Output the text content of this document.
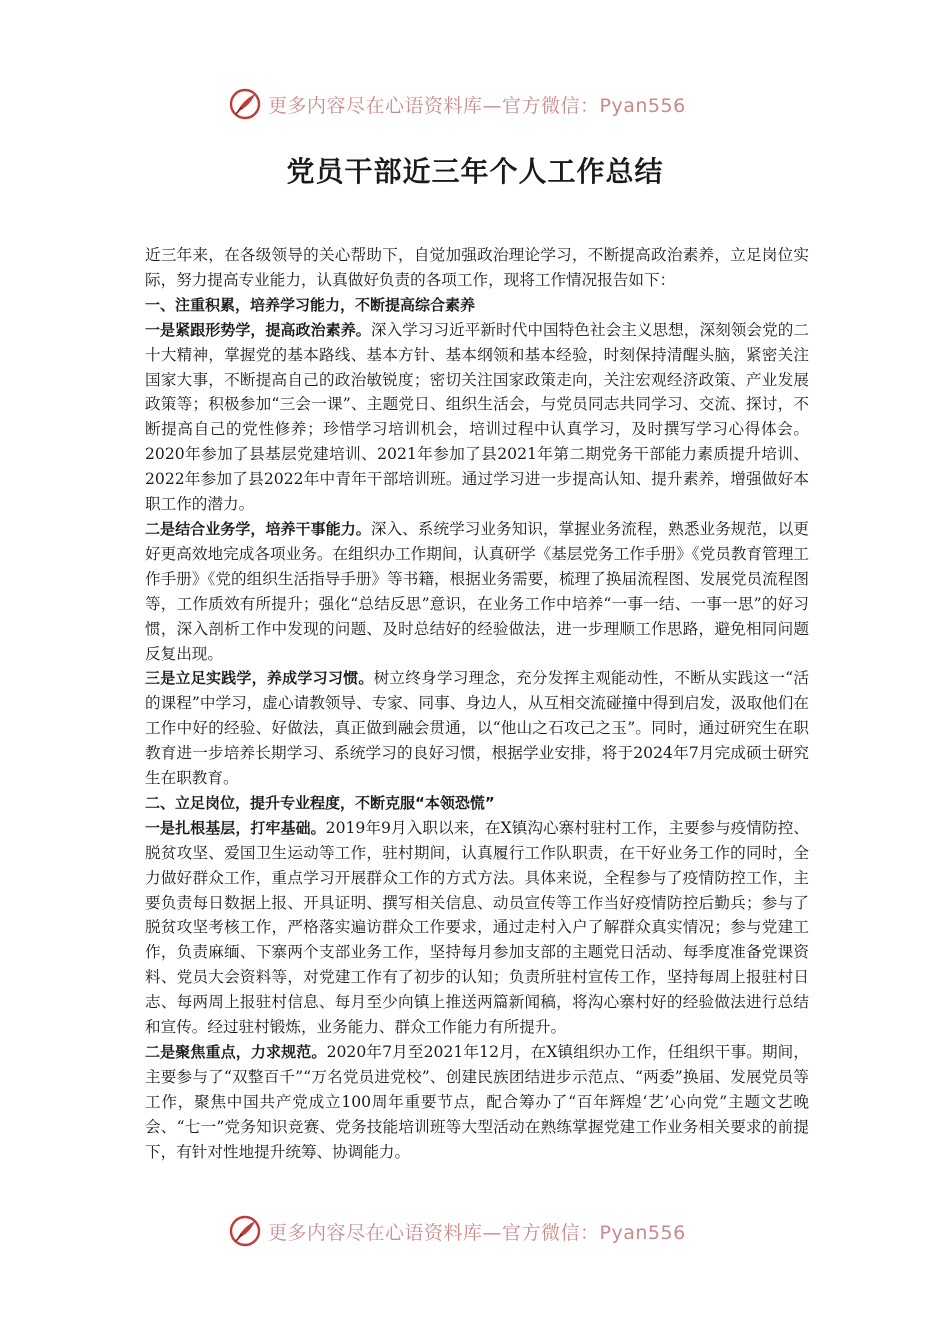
更多内容尽在心语资料库—官方微信：Pyan556
党员干部近三年个人工作总结

近三年来，在各级领导的关心帮助下，自觉加强政治理论学习，不断提高政治素养，立足岗位实际，努力提高专业能力，认真做好负责的各项工作，现将工作情况报告如下：

一、注重积累，培养学习能力，不断提高综合素养

一是紧跟形势学，提高政治素养。深入学习习近平新时代中国特色社会主义思想，深刻领会党的二十大精神，掌握党的基本路线、基本方针、基本纲领和基本经验，时刻保持清醒头脑，紧密关注国家大事，不断提高自己的政治敏锐度；密切关注国家政策走向，关注宏观经济政策、产业发展政策等；积极参加“三会一课”、主题党日、组织生活会，与党员同志共同学习、交流、探讨，不断提高自己的党性修养；珍惜学习培训机会，培训过程中认真学习，及时撰写学习心得体会。2020年参加了县基层党建培训、2021年参加了县2021年第二期党务干部能力素质提升培训、2022年参加了县2022年中青年干部培训班。通过学习进一步提高认知、提升素养，增强做好本职工作的潜力。

二是结合业务学，培养干事能力。深入、系统学习业务知识，掌握业务流程，熟悉业务规范，以更好更高效地完成各项业务。在组织办工作期间，认真研学《基层党务工作手册》《党员教育管理工作手册》《党的组织生活指导手册》等书籍，根据业务需要，梳理了换届流程图、发展党员流程图等，工作质效有所提升；强化“总结反思”意识，在业务工作中培养“一事一结、一事一思”的好习惯，深入剖析工作中发现的问题、及时总结好的经验做法，进一步理顺工作思路，避免相同问题反复出现。

三是立足实践学，养成学习习惯。树立终身学习理念，充分发挥主观能动性，不断从实践这一“活的课程”中学习，虚心请教领导、专家、同事、身边人，从互相交流碰撞中得到启发，汲取他们在工作中好的经验、好做法，真正做到融会贯通，以“他山之石攻己之玉”。同时，通过研究生在职教育进一步培养长期学习、系统学习的良好习惯，根据学业安排，将于2024年7月完成硕士研究生在职教育。

二、立足岗位，提升专业程度，不断克服“本领恐慌”

一是扎根基层，打牢基础。2019年9月入职以来，在X镇沟心寨村驻村工作，主要参与疫情防控、脱贫攻坚、爱国卫生运动等工作，驻村期间，认真履行工作队职责，在干好业务工作的同时，全力做好群众工作，重点学习开展群众工作的方式方法。具体来说，全程参与了疫情防控工作，主要负责每日数据上报、开具证明、撰写相关信息、动员宣传等工作当好疫情防控后勤兵；参与了脱贫攻坚考核工作，严格落实遍访群众工作要求，通过走村入户了解群众真实情况；参与党建工作，负责麻缅、下寨两个支部业务工作，坚持每月参加支部的主题党日活动、每季度准备党课资料、党员大会资料等，对党建工作有了初步的认知；负责所驻村宣传工作，坚持每周上报驻村日志、每两周上报驻村信息、每月至少向镇上推送两篇新闻稿，将沟心寨村好的经验做法进行总结和宣传。经过驻村锻炼，业务能力、群众工作能力有所提升。

二是聚焦重点，力求规范。2020年7月至2021年12月，在X镇组织办工作，任组织干事。期间，主要参与了“双整百千”“万名党员进党校”、创建民族团结进步示范点、“两委”换届、发展党员等工作，聚焦中国共产党成立100周年重要节点，配合筹办了“百年辉煌‘艺’心向党”主题文艺晚会、“七一”党务知识竞赛、党务技能培训班等大型活动在熟练掌握党建工作业务相关要求的前提下，有针对性地提升统筹、协调能力。

更多内容尽在心语资料库—官方微信：Pyan556
